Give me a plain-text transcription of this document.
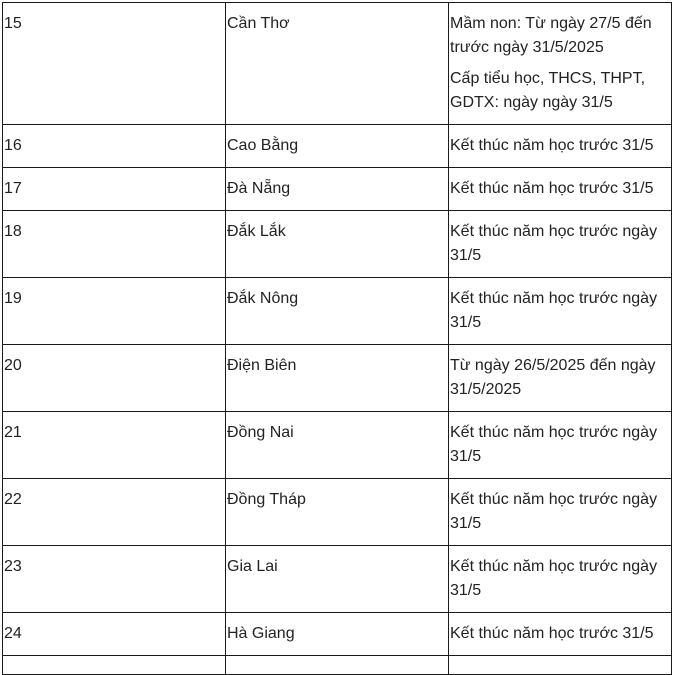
15	Cần Thơ	Mầm non: Từ ngày 27/5 đến trước ngày 31/5/2025

Cấp tiểu học, THCS, THPT, GDTX: ngày ngày 31/5

16	Cao Bằng	Kết thúc năm học trước 31/5

17	Đà Nẵng	Kết thúc năm học trước 31/5

18	Đắk Lắk	Kết thúc năm học trước ngày 31/5

19	Đắk Nông	Kết thúc năm học trước ngày 31/5

20	Điện Biên	Từ ngày 26/5/2025 đến ngày 31/5/2025

21	Đồng Nai	Kết thúc năm học trước ngày 31/5

22	Đồng Tháp	Kết thúc năm học trước ngày 31/5

23	Gia Lai	Kết thúc năm học trước ngày 31/5

24	Hà Giang	Kết thúc năm học trước 31/5
